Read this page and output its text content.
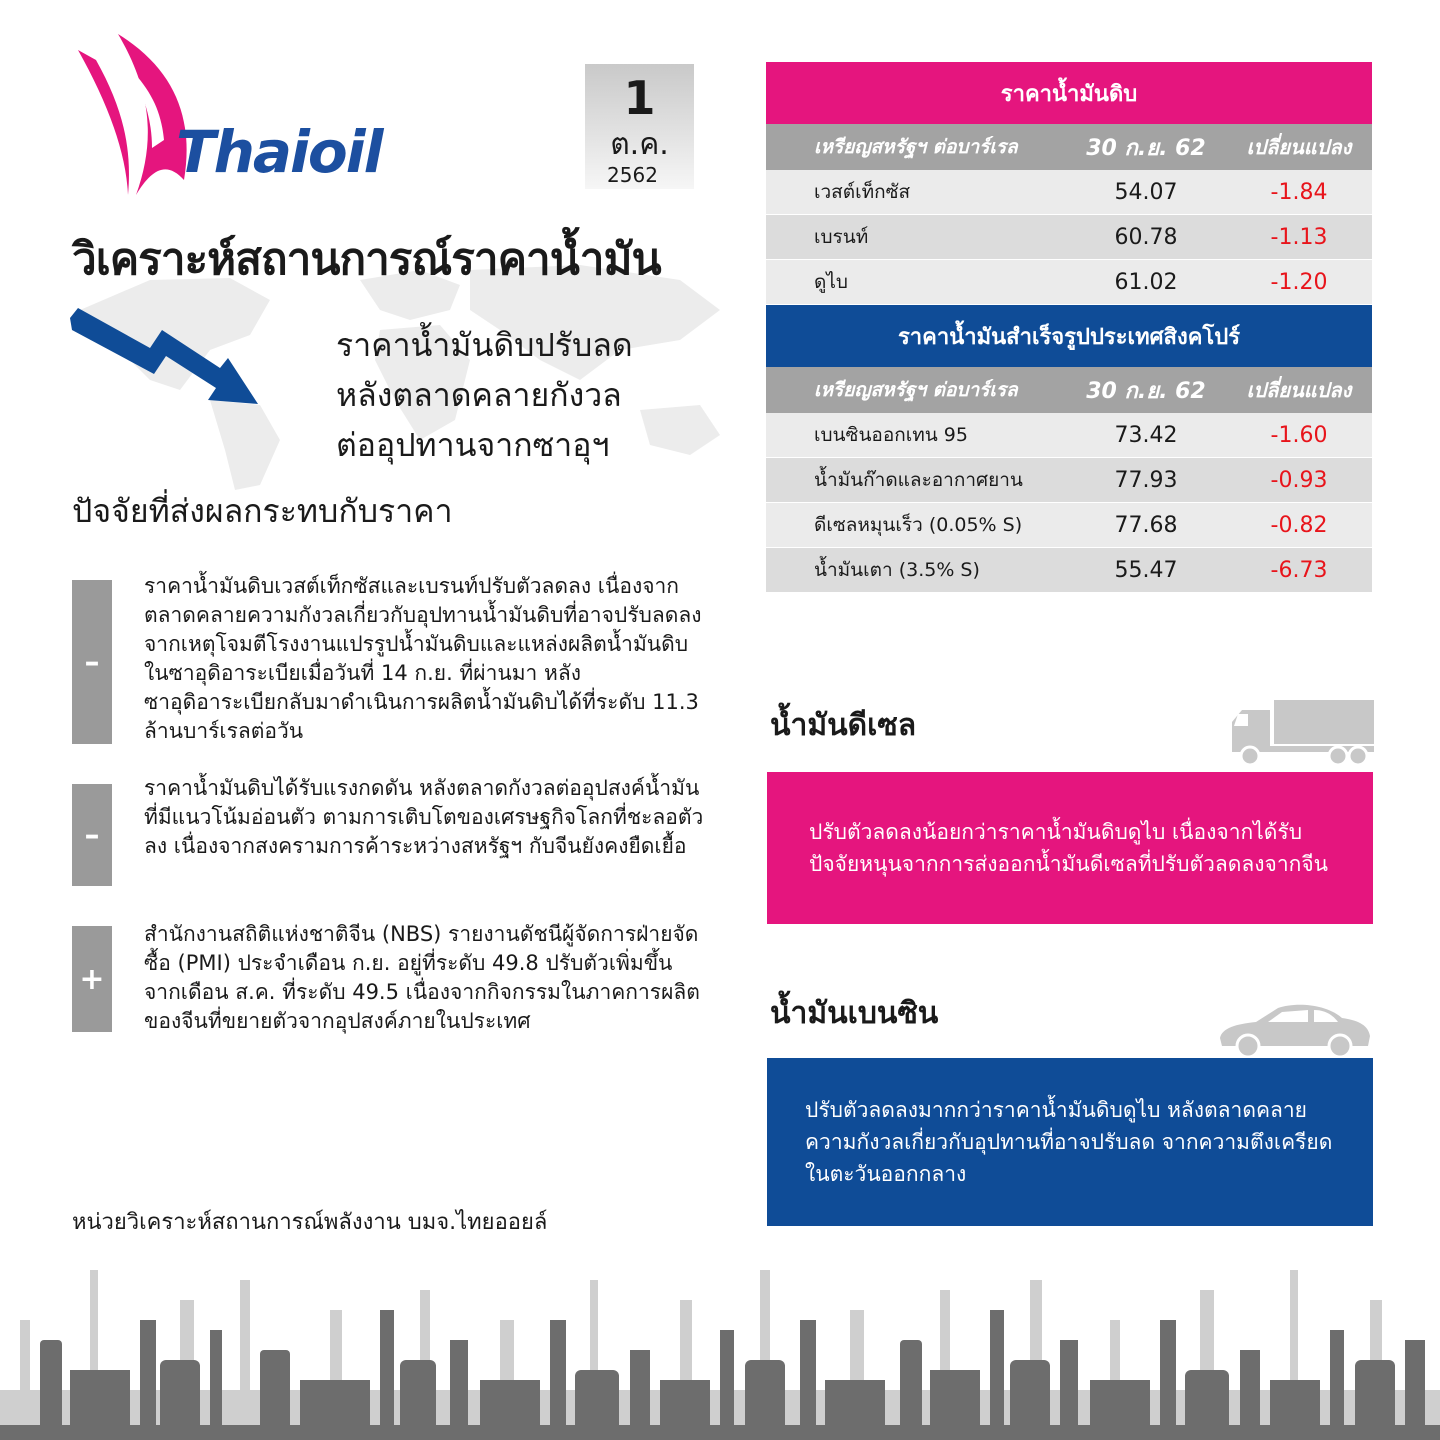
Thaioil
1
ต.ค.
2562
วิเคราะห์สถานการณ์ราคาน้ำมัน
ราคาน้ำมันดิบปรับลด
หลังตลาดคลายกังวล
ต่ออุปทานจากซาอุฯ
ปัจจัยที่ส่งผลกระทบกับราคา
–
ราคาน้ำมันดิบเวสต์เท็กซัสและเบรนท์ปรับตัวลดลง เนื่องจากตลาดคลายความกังวลเกี่ยวกับอุปทานน้ำมันดิบที่อาจปรับลดลงจากเหตุโจมตีโรงงานแปรรูปน้ำมันดิบและแหล่งผลิตน้ำมันดิบในซาอุดิอาระเบียเมื่อวันที่ 14 ก.ย. ที่ผ่านมา หลังซาอุดิอาระเบียกลับมาดำเนินการผลิตน้ำมันดิบได้ที่ระดับ 11.3 ล้านบาร์เรลต่อวัน
–
ราคาน้ำมันดิบได้รับแรงกดดัน หลังตลาดกังวลต่ออุปสงค์น้ำมันที่มีแนวโน้มอ่อนตัว ตามการเติบโตของเศรษฐกิจโลกที่ชะลอตัวลง เนื่องจากสงครามการค้าระหว่างสหรัฐฯ กับจีนยังคงยืดเยื้อ
+
สำนักงานสถิติแห่งชาติจีน (NBS) รายงานดัชนีผู้จัดการฝ่ายจัดซื้อ (PMI) ประจำเดือน ก.ย. อยู่ที่ระดับ 49.8 ปรับตัวเพิ่มขึ้นจากเดือน ส.ค. ที่ระดับ 49.5 เนื่องจากกิจกรรมในภาคการผลิตของจีนที่ขยายตัวจากอุปสงค์ภายในประเทศ
หน่วยวิเคราะห์สถานการณ์พลังงาน บมจ.ไทยออยล์
ราคาน้ำมันดิบ
เหรียญสหรัฐฯ ต่อบาร์เรล	30 ก.ย. 62	เปลี่ยนแปลง
เวสต์เท็กซัส	54.07	-1.84
เบรนท์	60.78	-1.13
ดูไบ	61.02	-1.20
ราคาน้ำมันสำเร็จรูปประเทศสิงคโปร์
เหรียญสหรัฐฯ ต่อบาร์เรล	30 ก.ย. 62	เปลี่ยนแปลง
เบนซินออกเทน 95	73.42	-1.60
น้ำมันก๊าดและอากาศยาน	77.93	-0.93
ดีเซลหมุนเร็ว (0.05% S)	77.68	-0.82
น้ำมันเตา (3.5% S)	55.47	-6.73
น้ำมันดีเซล
ปรับตัวลดลงน้อยกว่าราคาน้ำมันดิบดูไบ เนื่องจากได้รับ
ปัจจัยหนุนจากการส่งออกน้ำมันดีเซลที่ปรับตัวลดลงจากจีน
น้ำมันเบนซิน
ปรับตัวลดลงมากกว่าราคาน้ำมันดิบดูไบ หลังตลาดคลาย
ความกังวลเกี่ยวกับอุปทานที่อาจปรับลด จากความตึงเครียด
ในตะวันออกกลาง
